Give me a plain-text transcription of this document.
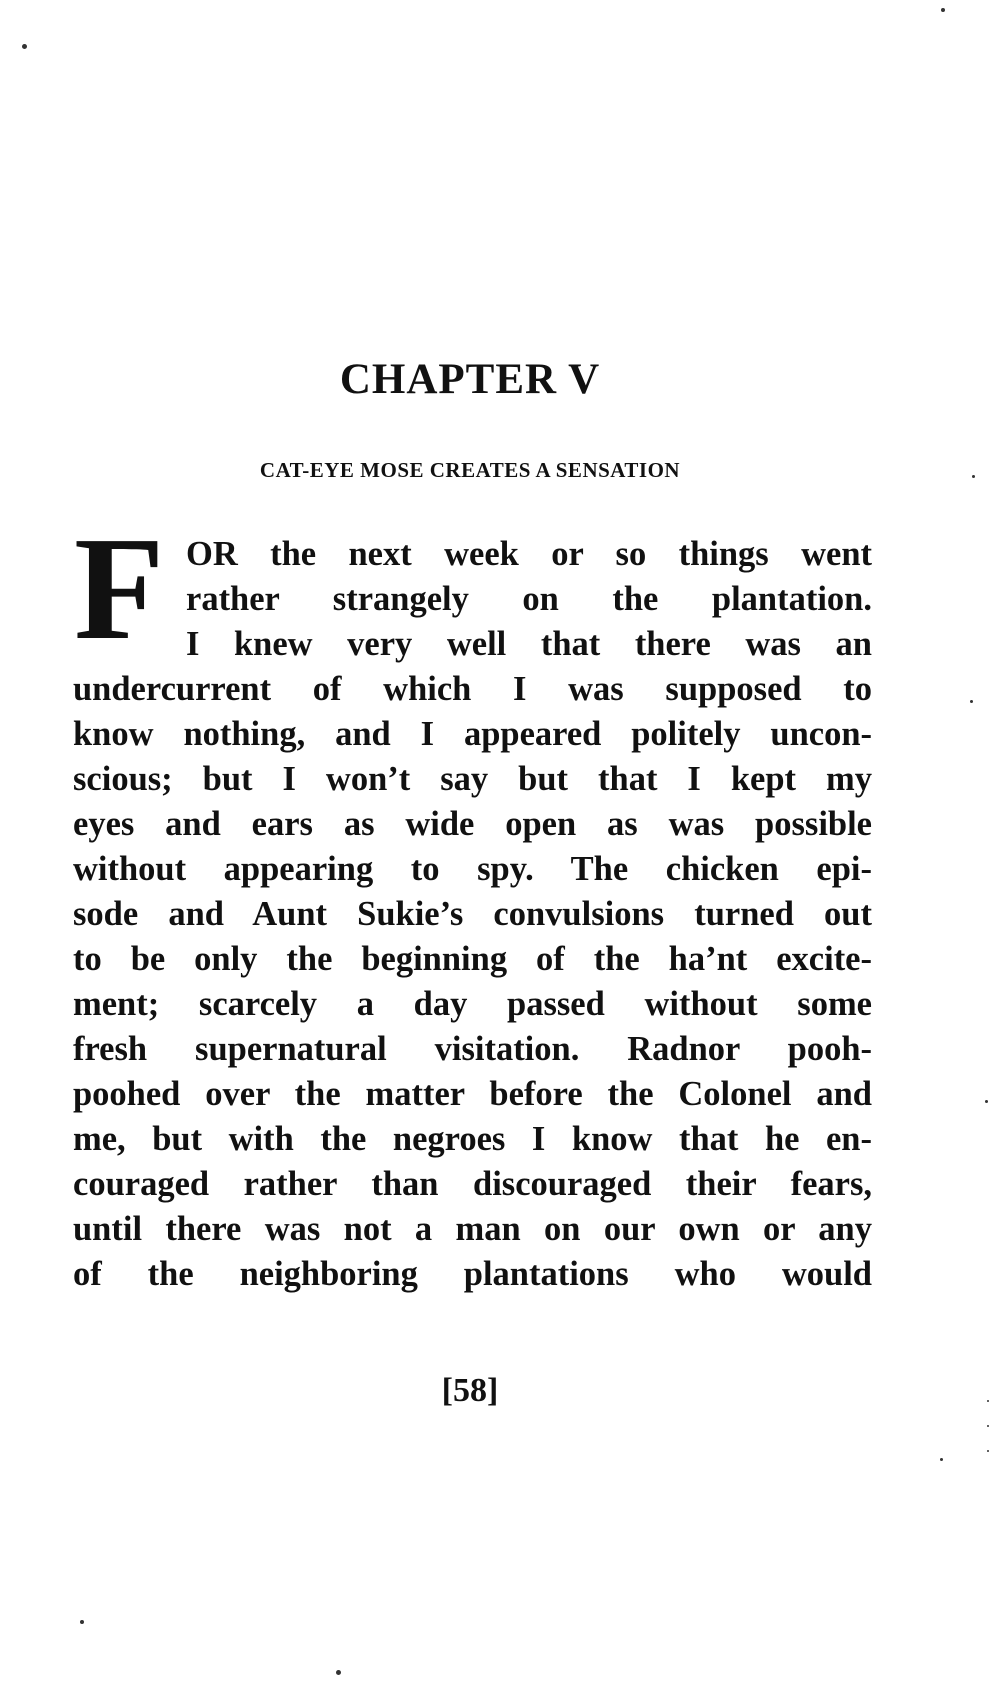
CHAPTER V
CAT-EYE MOSE CREATES A SENSATION
F OR the next week or so things went

rather strangely on the plantation.

I knew very well that there was an

undercurrent of which I was supposed to

know nothing, and I appeared politely uncon-

scious; but I won’t say but that I kept my

eyes and ears as wide open as was possible

without appearing to spy. The chicken epi-

sode and Aunt Sukie’s convulsions turned out

to be only the beginning of the ha’nt excite-

ment; scarcely a day passed without some

fresh supernatural visitation. Radnor pooh-

poohed over the matter before the Colonel and

me, but with the negroes I know that he en-

couraged rather than discouraged their fears,

until there was not a man on our own or any

of the neighboring plantations who would

[58]
